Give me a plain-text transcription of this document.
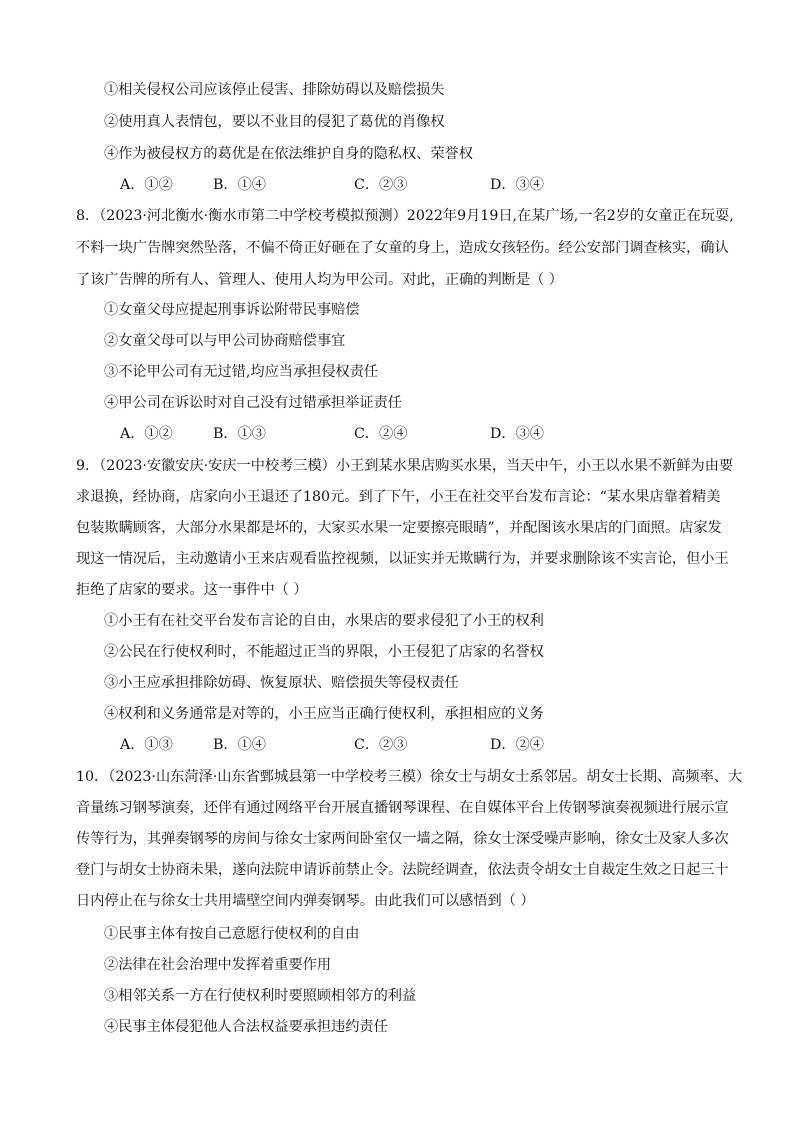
①相关侵权公司应该停止侵害、排除妨碍以及赔偿损失
②使用真人表情包，要以不业目的侵犯了葛优的肖像权
④作为被侵权方的葛优是在依法维护自身的隐私权、荣誉权
A．①②	B．①④	C．②③	D．③④
8．（2023·河北衡水·衡水市第二中学校考模拟预测）2022年9月19日,在某广场,一名2岁的女童正在玩耍,
不料一块广告牌突然坠落，不偏不倚正好砸在了女童的身上，造成女孩轻伤。经公安部门调查核实，确认
了该广告牌的所有人、管理人、使用人均为甲公司。对此，正确的判断是（ ）
①女童父母应提起刑事诉讼附带民事赔偿
②女童父母可以与甲公司协商赔偿事宜
③不论甲公司有无过错,均应当承担侵权责任
④甲公司在诉讼时对自己没有过错承担举证责任
A．①②	B．①③	C．②④	D．③④
9．（2023·安徽安庆·安庆一中校考三模）小王到某水果店购买水果，当天中午，小王以水果不新鲜为由要
求退换，经协商，店家向小王退还了180元。到了下午，小王在社交平台发布言论：“某水果店靠着精美
包装欺瞒顾客，大部分水果都是坏的，大家买水果一定要擦亮眼睛”，并配图该水果店的门面照。店家发
现这一情况后，主动邀请小王来店观看监控视频，以证实并无欺瞒行为，并要求删除该不实言论，但小王
拒绝了店家的要求。这一事件中（ ）
①小王有在社交平台发布言论的自由，水果店的要求侵犯了小王的权利
②公民在行使权利时，不能超过正当的界限，小王侵犯了店家的名誉权
③小王应承担排除妨碍、恢复原状、赔偿损失等侵权责任
④权利和义务通常是对等的，小王应当正确行使权利，承担相应的义务
A．①③	B．①④	C．②③	D．②④
10．（2023·山东菏泽·山东省鄄城县第一中学校考三模）徐女士与胡女士系邻居。胡女士长期、高频率、大
音量练习钢琴演奏，还伴有通过网络平台开展直播钢琴课程、在自媒体平台上传钢琴演奏视频进行展示宣
传等行为，其弹奏钢琴的房间与徐女士家两间卧室仅一墙之隔，徐女士深受噪声影响，徐女士及家人多次
登门与胡女士协商未果，遂向法院申请诉前禁止令。法院经调查，依法责令胡女士自裁定生效之日起三十
日内停止在与徐女士共用墙壁空间内弹奏钢琴。由此我们可以感悟到（ ）
①民事主体有按自己意愿行使权利的自由
②法律在社会治理中发挥着重要作用
③相邻关系一方在行使权利时要照顾相邻方的利益
④民事主体侵犯他人合法权益要承担违约责任
